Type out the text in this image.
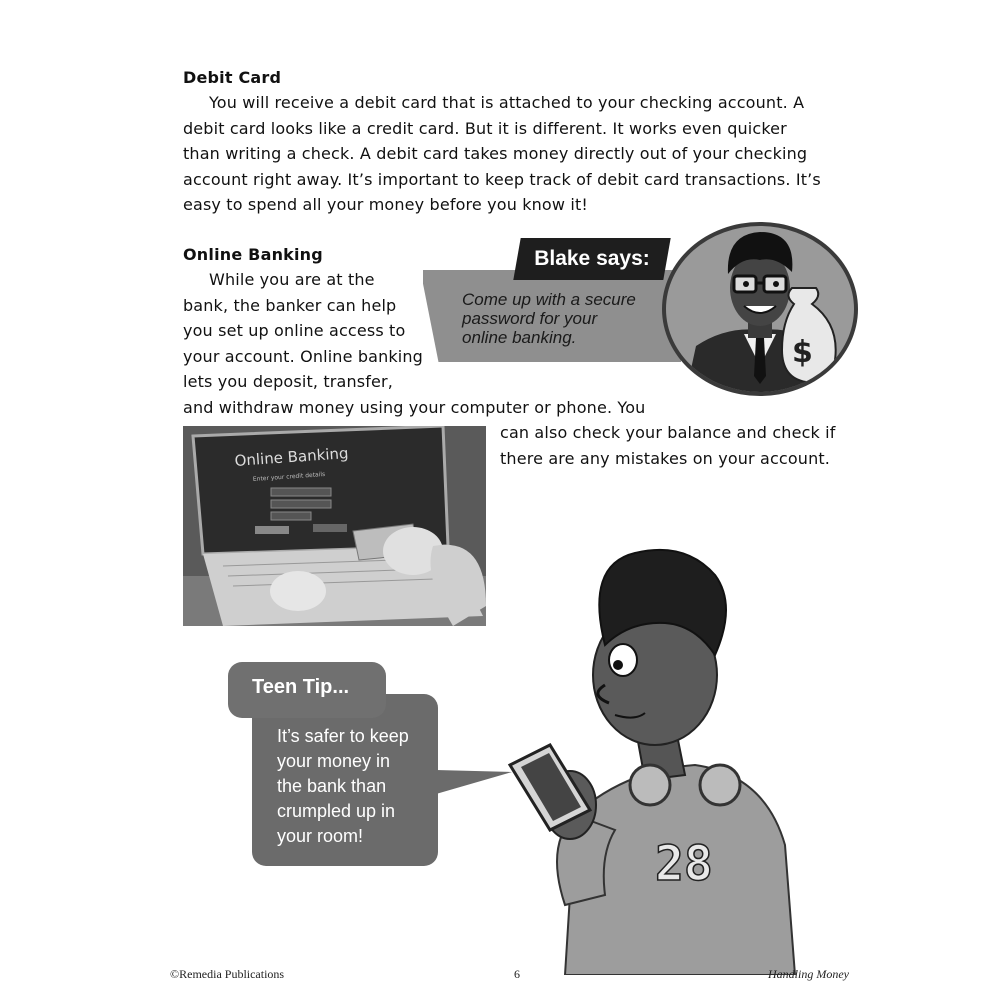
Debit Card

You will receive a debit card that is attached to your checking account. A

debit card looks like a credit card. But it is different. It works even quicker

than writing a check. A debit card takes money directly out of your checking

account right away. It’s important to keep track of debit card transactions. It’s

easy to spend all your money before you know it!

Online Banking

While you are at the

bank, the banker can help

you set up online access to

your account. Online banking

lets you deposit, transfer,

and withdraw money using your computer or phone. You

can also check your balance and check if

there are any mistakes on your account.

Come up with a secure
password for your
online banking.	$
Blake says:
Online Banking
Enter your credit details
28
Teen Tip...
It’s safer to keep
your money in
the bank than
crumpled up in
your room!
©Remedia Publications	6	Handling Money
